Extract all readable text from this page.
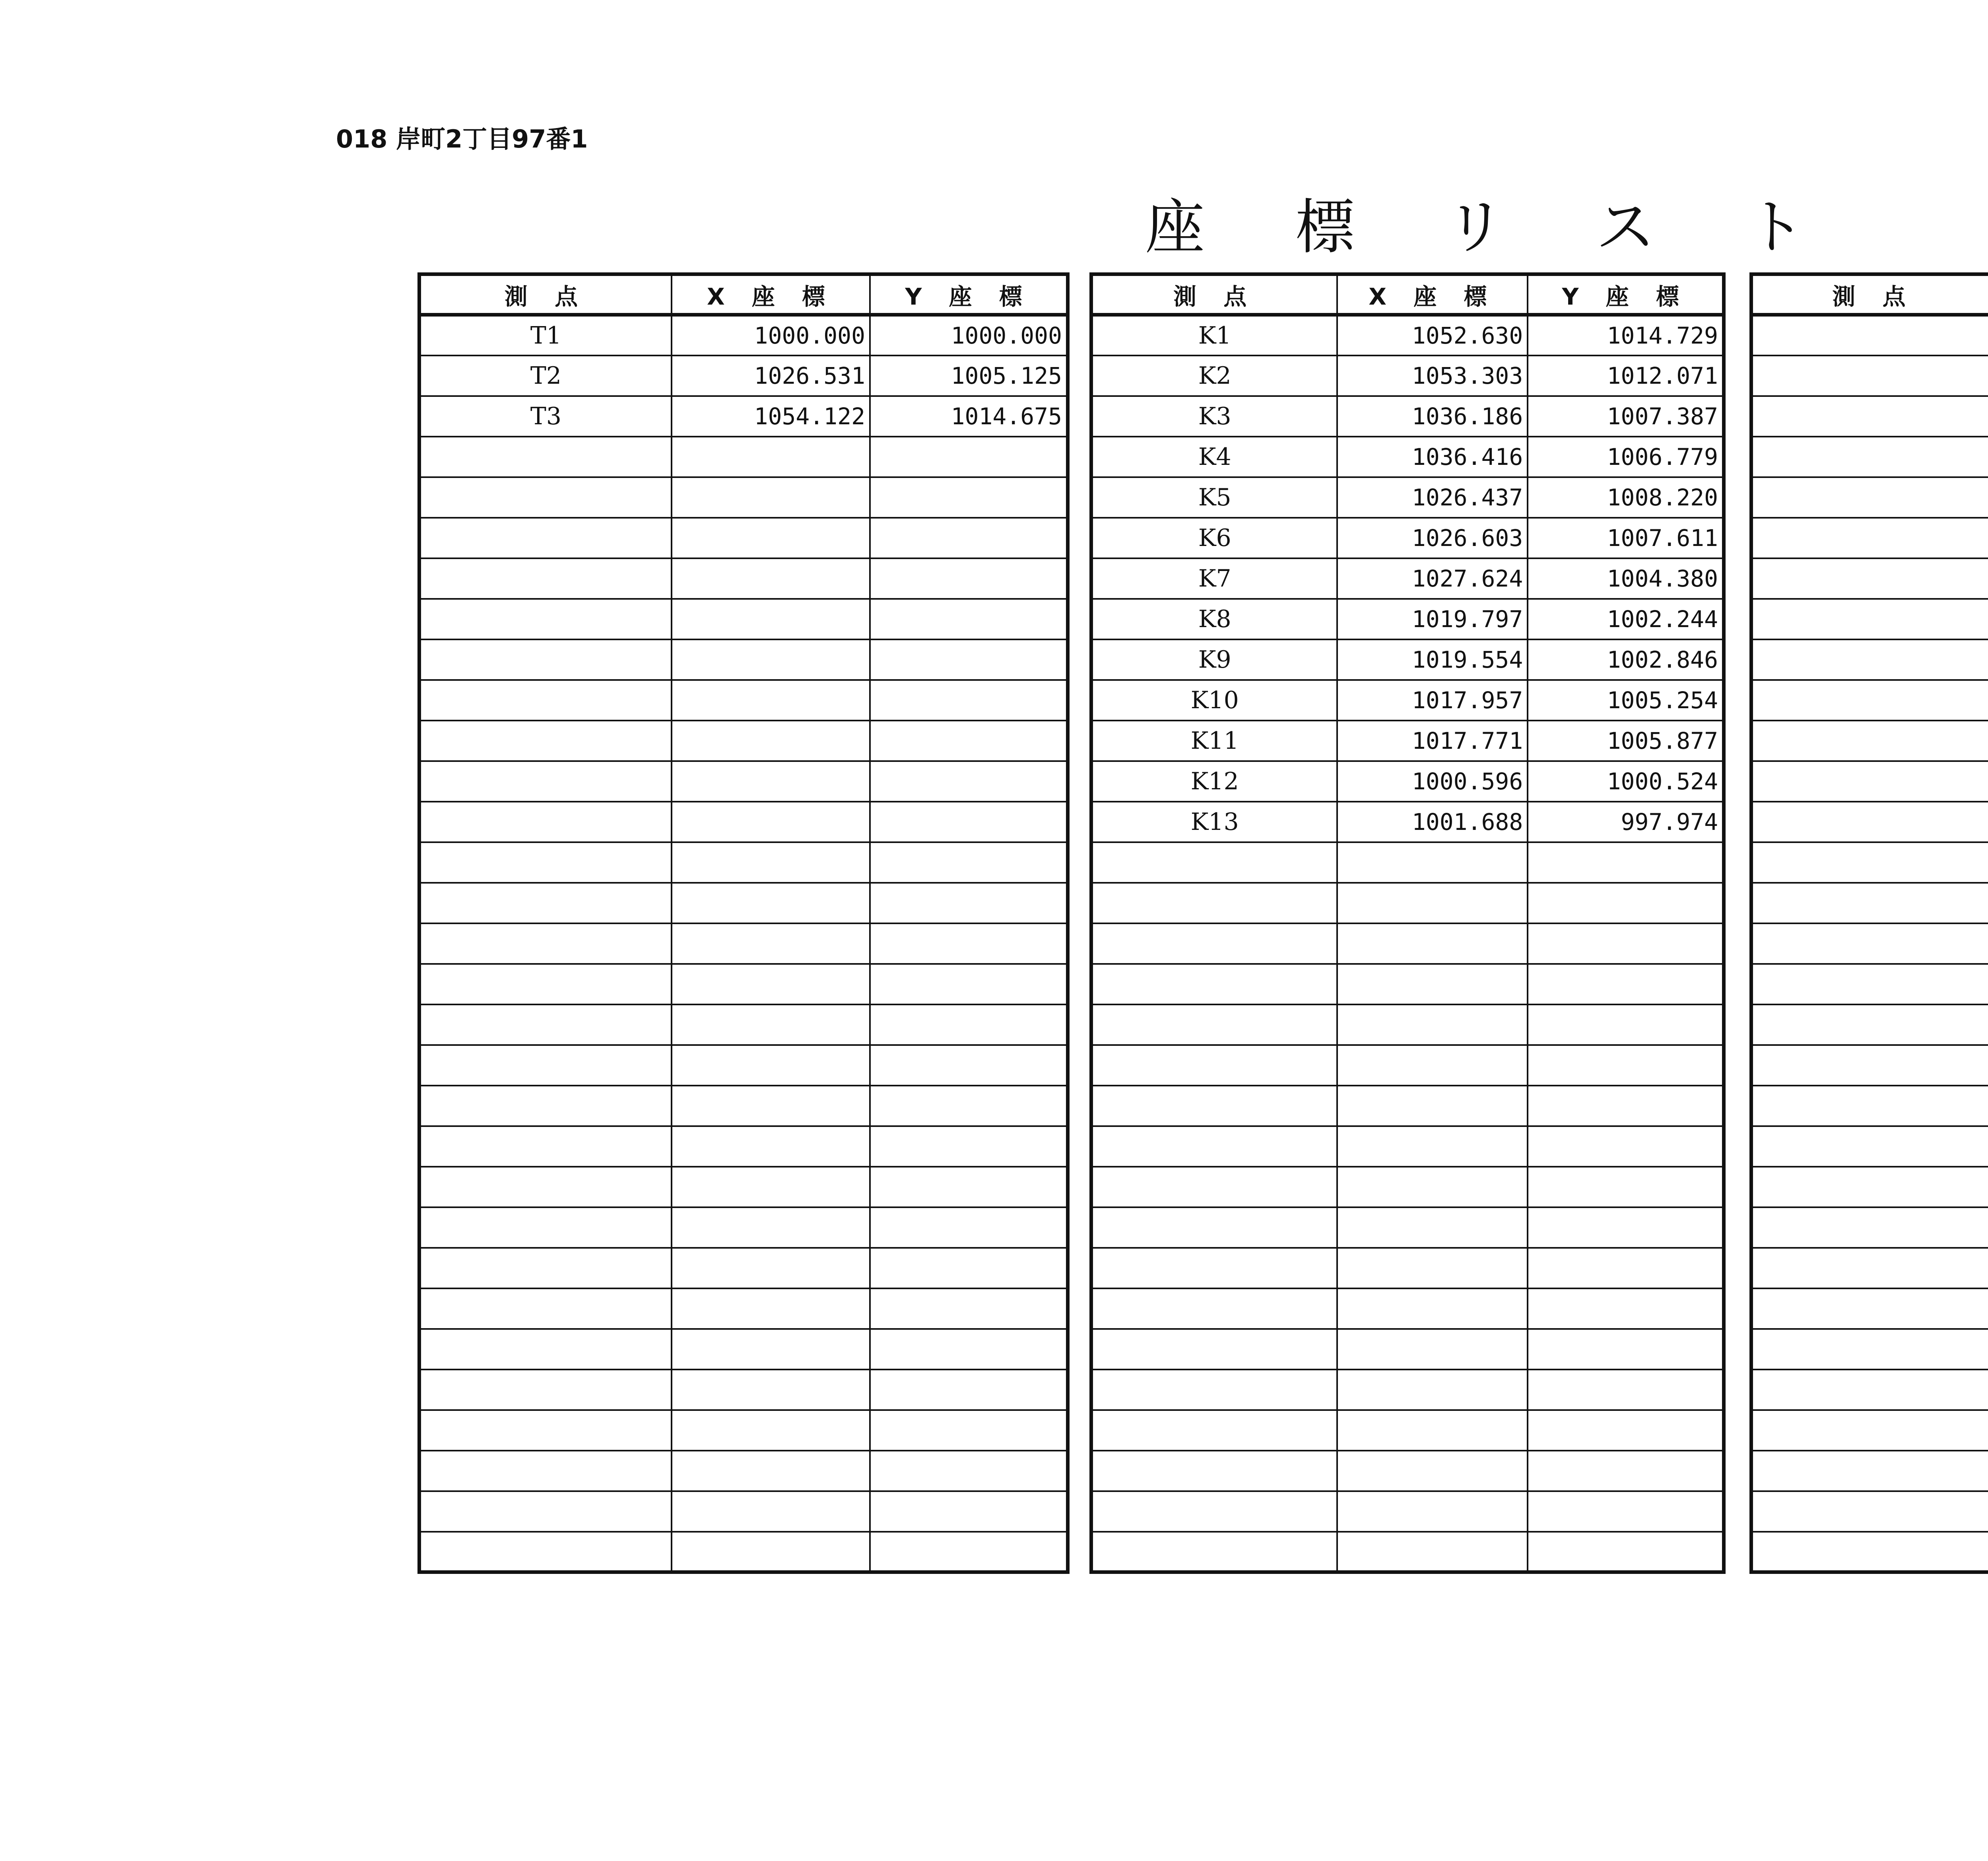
018 岸町2丁目97番1
座 標 リ ス ト
測 点	X 座 標	Y 座 標
T1	1000.000	1000.000
T2	1026.531	1005.125
T3	1054.122	1014.675

測 点	X 座 標	Y 座 標
K1	1052.630	1014.729
K2	1053.303	1012.071
K3	1036.186	1007.387
K4	1036.416	1006.779
K5	1026.437	1008.220
K6	1026.603	1007.611
K7	1027.624	1004.380
K8	1019.797	1002.244
K9	1019.554	1002.846
K10	1017.957	1005.254
K11	1017.771	1005.877
K12	1000.596	1000.524
K13	1001.688	997.974

測 点		
